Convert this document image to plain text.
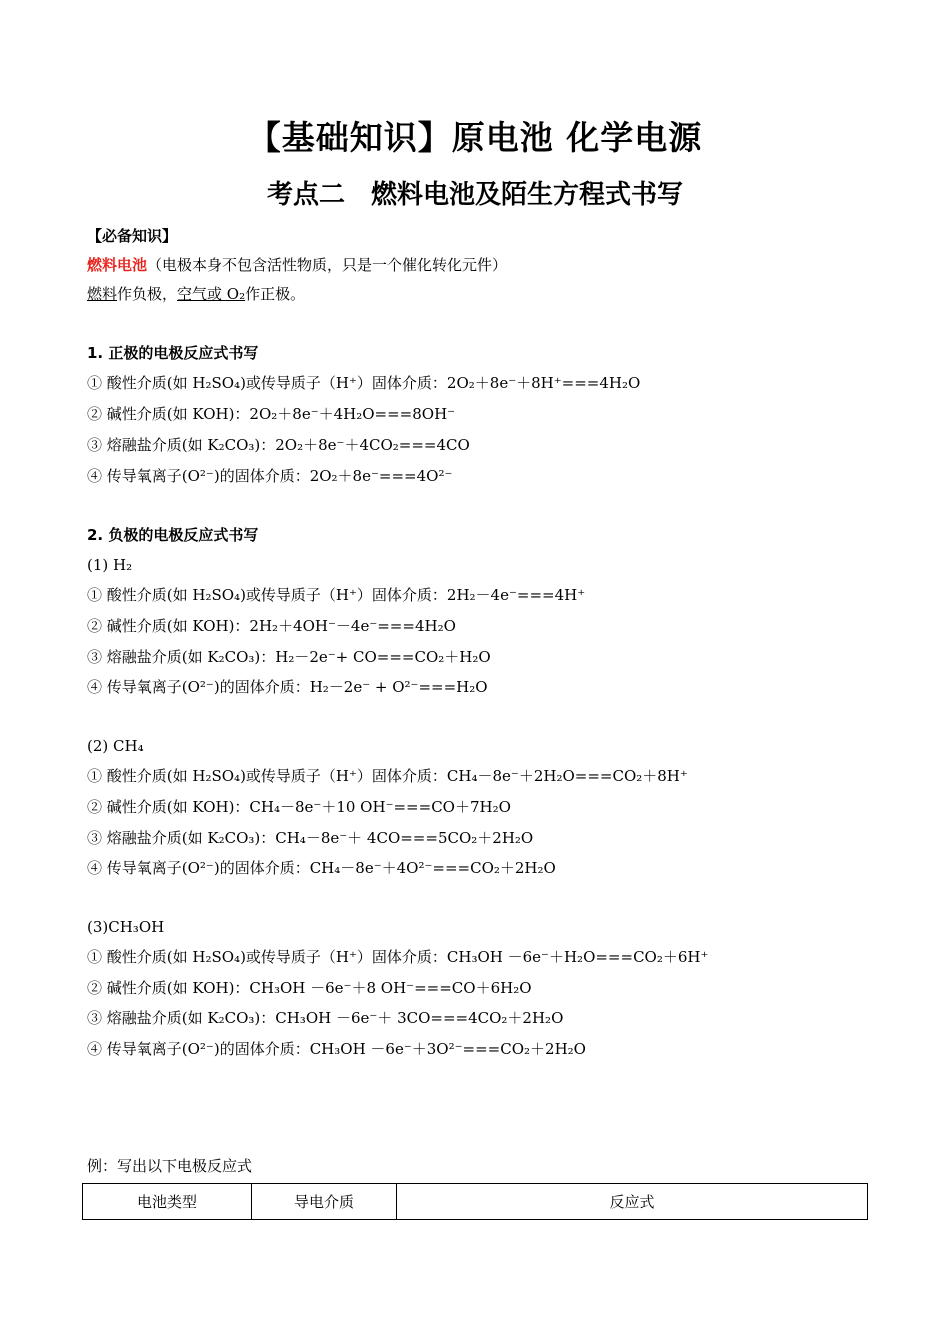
【基础知识】原电池 化学电源
考点二　燃料电池及陌生方程式书写
【必备知识】
燃料电池（电极本身不包含活性物质，只是一个催化转化元件）
燃料作负极，空气或 O₂作正极。
1. 正极的电极反应式书写
① 酸性介质(如 H₂SO₄)或传导质子（H⁺）固体介质：2O₂＋8e⁻＋8H⁺===4H₂O
② 碱性介质(如 KOH)：2O₂＋8e⁻＋4H₂O===8OH⁻
③ 熔融盐介质(如 K₂CO₃)：2O₂＋8e⁻＋4CO₂===4CO
④ 传导氧离子(O²⁻)的固体介质：2O₂＋8e⁻===4O²⁻
2. 负极的电极反应式书写
(1) H₂
① 酸性介质(如 H₂SO₄)或传导质子（H⁺）固体介质：2H₂－4e⁻===4H⁺
② 碱性介质(如 KOH)：2H₂＋4OH⁻－4e⁻===4H₂O
③ 熔融盐介质(如 K₂CO₃)：H₂－2e⁻+ CO===CO₂＋H₂O
④ 传导氧离子(O²⁻)的固体介质：H₂－2e⁻ + O²⁻===H₂O
(2) CH₄
① 酸性介质(如 H₂SO₄)或传导质子（H⁺）固体介质：CH₄－8e⁻＋2H₂O===CO₂＋8H⁺
② 碱性介质(如 KOH)：CH₄－8e⁻＋10 OH⁻===CO＋7H₂O
③ 熔融盐介质(如 K₂CO₃)：CH₄－8e⁻＋ 4CO===5CO₂＋2H₂O
④ 传导氧离子(O²⁻)的固体介质：CH₄－8e⁻＋4O²⁻===CO₂＋2H₂O
(3)CH₃OH
① 酸性介质(如 H₂SO₄)或传导质子（H⁺）固体介质：CH₃OH －6e⁻＋H₂O===CO₂＋6H⁺
② 碱性介质(如 KOH)：CH₃OH －6e⁻＋8 OH⁻===CO＋6H₂O
③ 熔融盐介质(如 K₂CO₃)：CH₃OH －6e⁻＋ 3CO===4CO₂＋2H₂O
④ 传导氧离子(O²⁻)的固体介质：CH₃OH －6e⁻＋3O²⁻===CO₂＋2H₂O
例：写出以下电极反应式
电池类型	导电介质	反应式
